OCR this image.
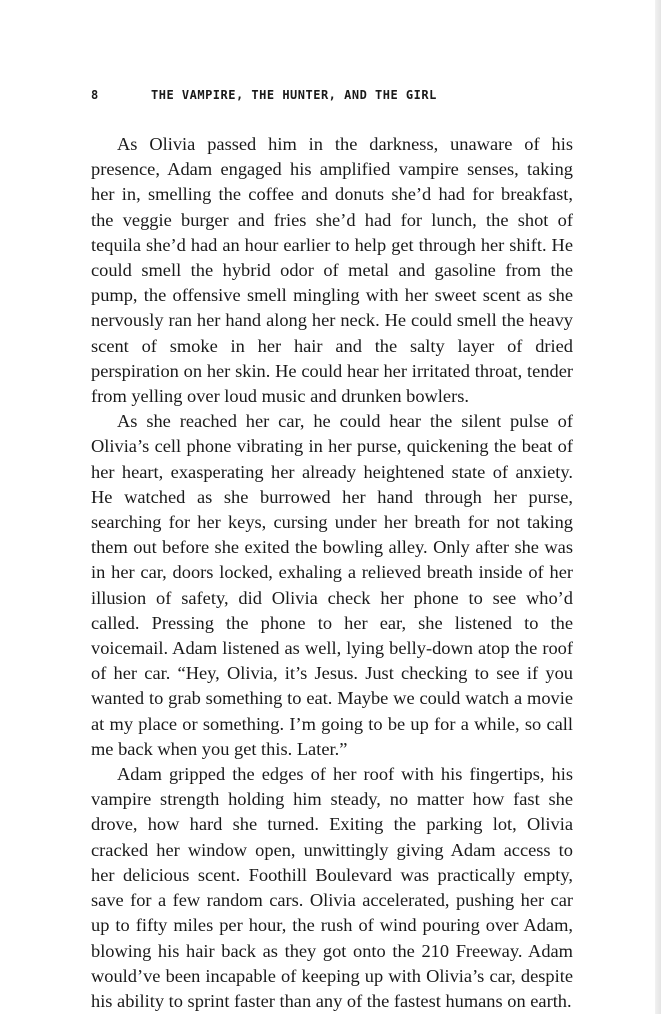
8	THE VAMPIRE, THE HUNTER, AND THE GIRL

As Olivia passed him in the darkness, unaware of his presence, Adam engaged his amplified vampire senses, taking her in, smelling the coffee and donuts she’d had for breakfast, the veggie burger and fries she’d had for lunch, the shot of tequila she’d had an hour earlier to help get through her shift. He could smell the hybrid odor of metal and gasoline from the pump, the offensive smell mingling with her sweet scent as she nervously ran her hand along her neck. He could smell the heavy scent of smoke in her hair and the salty layer of dried perspiration on her skin. He could hear her irritated throat, tender from yelling over loud music and drunken bowlers.

As she reached her car, he could hear the silent pulse of Olivia’s cell phone vibrating in her purse, quickening the beat of her heart, exasperating her already heightened state of anxiety. He watched as she burrowed her hand through her purse, searching for her keys, cursing under her breath for not taking them out before she exited the bowling alley. Only after she was in her car, doors locked, exhaling a relieved breath inside of her illusion of safety, did Olivia check her phone to see who’d called. Pressing the phone to her ear, she listened to the voicemail. Adam listened as well, lying belly-down atop the roof of her car. “Hey, Olivia, it’s Jesus. Just checking to see if you wanted to grab something to eat. Maybe we could watch a movie at my place or something. I’m going to be up for a while, so call me back when you get this. Later.”

Adam gripped the edges of her roof with his fingertips, his vampire strength holding him steady, no matter how fast she drove, how hard she turned. Exiting the parking lot, Olivia cracked her window open, unwittingly giving Adam access to her delicious scent. Foothill Boulevard was practically empty, save for a few random cars. Olivia accelerated, pushing her car up to fifty miles per hour, the rush of wind pouring over Adam, blowing his hair back as they got onto the 210 Freeway. Adam would’ve been incapable of keeping up with Olivia’s car, despite his ability to sprint faster than any of the fastest humans on earth.
